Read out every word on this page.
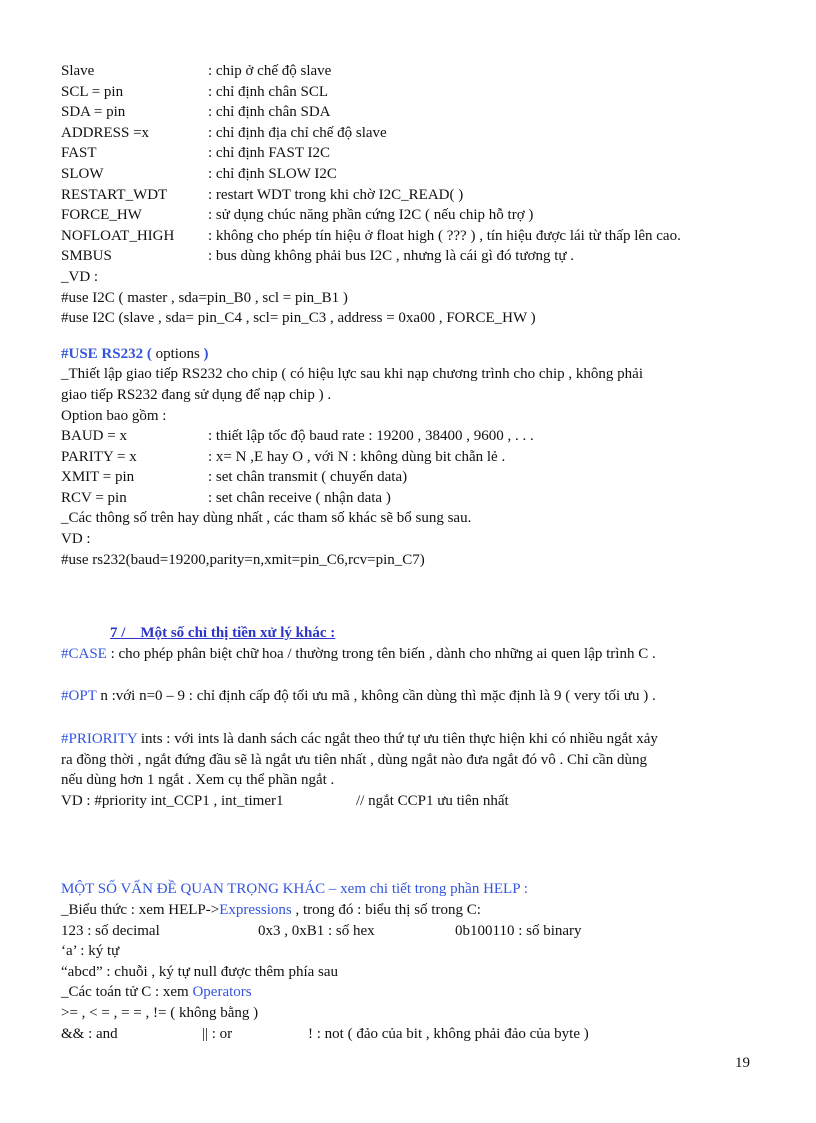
Slave	: chip ở chế độ slave
SCL = pin	: chỉ định chân SCL
SDA = pin	: chỉ định chân SDA
ADDRESS =x	: chỉ định địa chỉ chế độ slave
FAST	: chỉ định FAST I2C
SLOW	: chỉ định SLOW I2C
RESTART_WDT	: restart WDT trong khi chờ I2C_READ( )
FORCE_HW	: sử dụng chúc năng phần cứng I2C ( nếu chip hỗ trợ )
NOFLOAT_HIGH : không cho phép tín hiệu ở float high ( ??? ) , tín hiệu được lái từ thấp lên cao.
SMBUS	: bus dùng không phải bus I2C , nhưng là cái gì đó tương tự .
_VD :
#use I2C ( master , sda=pin_B0 , scl = pin_B1 )
#use I2C (slave , sda= pin_C4 , scl= pin_C3 , address = 0xa00 , FORCE_HW )
#USE RS232 ( options )
_Thiết lập giao tiếp RS232 cho chip ( có hiệu lực sau khi nạp chương trình cho chip , không phải
giao tiếp RS232 đang sử dụng để nạp chip ) .
Option bao gồm :
BAUD = x	: thiết lập tốc độ baud rate : 19200 , 38400 , 9600 , . . .
PARITY = x	: x= N ,E hay O , với N : không dùng bit chẵn lẻ .
XMIT = pin	: set chân transmit ( chuyển data)
RCV = pin	: set chân receive ( nhận data )
_Các thông số trên hay dùng nhất , các tham số khác sẽ bổ sung sau.
VD :
#use rs232(baud=19200,parity=n,xmit=pin_C6,rcv=pin_C7)
7 / _ Một số chỉ thị tiền xử lý khác :
#CASE : cho phép phân biệt chữ hoa / thường trong tên biến , dành cho những ai quen lập trình C .
#OPT n :với n=0 – 9 : chỉ định cấp độ tối ưu mã , không cần dùng thì mặc định là 9 ( very tối ưu ) .
#PRIORITY ints : với ints là danh sách các ngắt theo thứ tự ưu tiên thực hiện khi có nhiều ngắt xảy
ra đồng thời , ngắt đứng đầu sẽ là ngắt ưu tiên nhất , dùng ngắt nào đưa ngắt đó vô . Chỉ cần dùng
nếu dùng hơn 1 ngắt . Xem cụ thể phần ngắt .
VD : #priority int_CCP1 , int_timer1	// ngắt CCP1 ưu tiên nhất
MỘT SỐ VẤN ĐỀ QUAN TRỌNG KHÁC – xem chi tiết trong phần HELP :
_Biểu thức : xem HELP->Expressions , trong đó : biểu thị số trong C:
123 : số decimal	0x3 , 0xB1 : số hex	0b100110 : số binary
‘a’ : ký tự
“abcd” : chuỗi , ký tự null được thêm phía sau
_Các toán tử C : xem Operators
>= , < = , = = , != ( không bằng )
&& : and	|| : or	! : not ( đảo của bit , không phải đảo của byte )
19
